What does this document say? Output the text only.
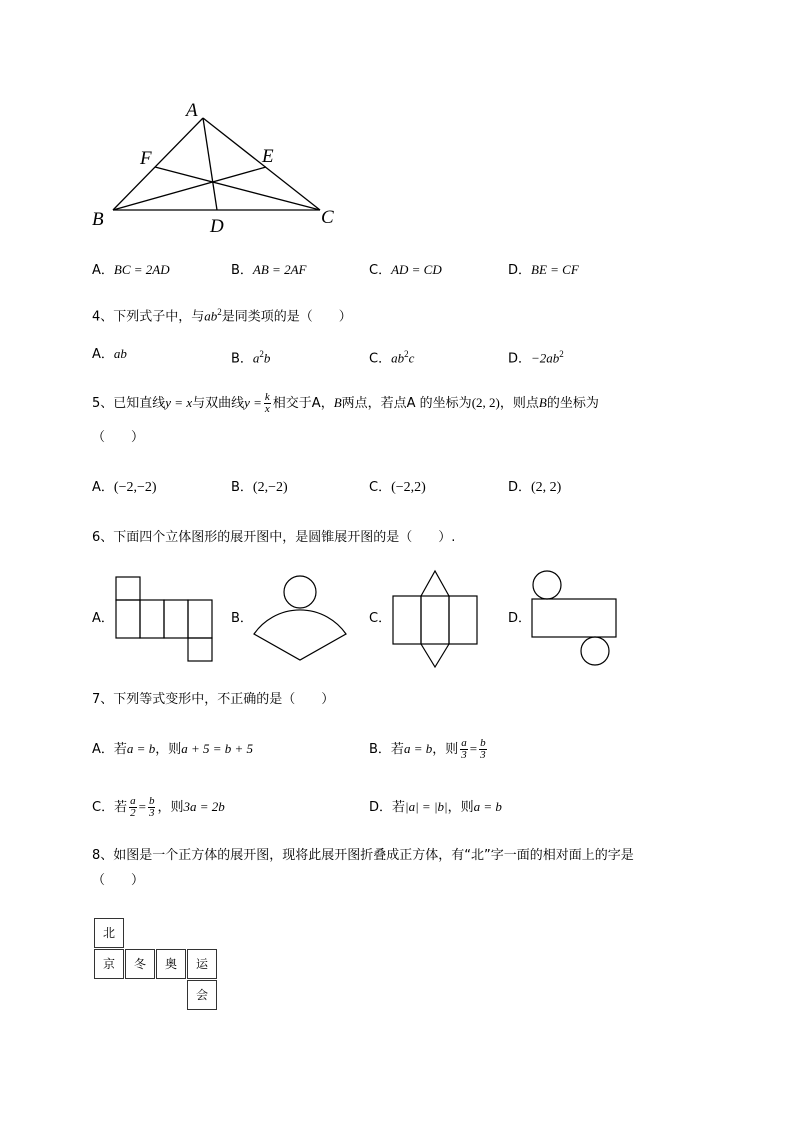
A
F	E
B	D	C
A．BC = 2AD	B．AB = 2AF	C．AD = CD	D．BE = CF
4、下列式子中，与$ab^2$是同类项的是（　　）
A．ab	B．$a^2b$	C．$ab^2c$	D．$-2ab^2$
5、已知直线y = x与双曲线$y = \frac{k}{x}$ 相交于A，B两点，若点A 的坐标为(2, 2)，则点B的坐标为
（　　）
A．(−2,−2)	B．(2,−2)	C．(−2,2)	D．(2, 2)
6、下面四个立体图形的展开图中，是圆锥展开图的是（　　）.
A．	B．	C．	D．
7、下列等式变形中，不正确的是（　　）
A．若a = b，则a + 5 = b + 5	B．若a = b，则 $\frac{a}{3} = \frac{b}{3}$
C．若 $\frac{a}{2} = \frac{b}{3}$ ，则3a = 2b	D．若|a| = |b|，则a = b
8、如图是一个正方体的展开图，现将此展开图折叠成正方体，有“北”字一面的相对面上的字是
（　　）
北
京	冬	奥	运
会
